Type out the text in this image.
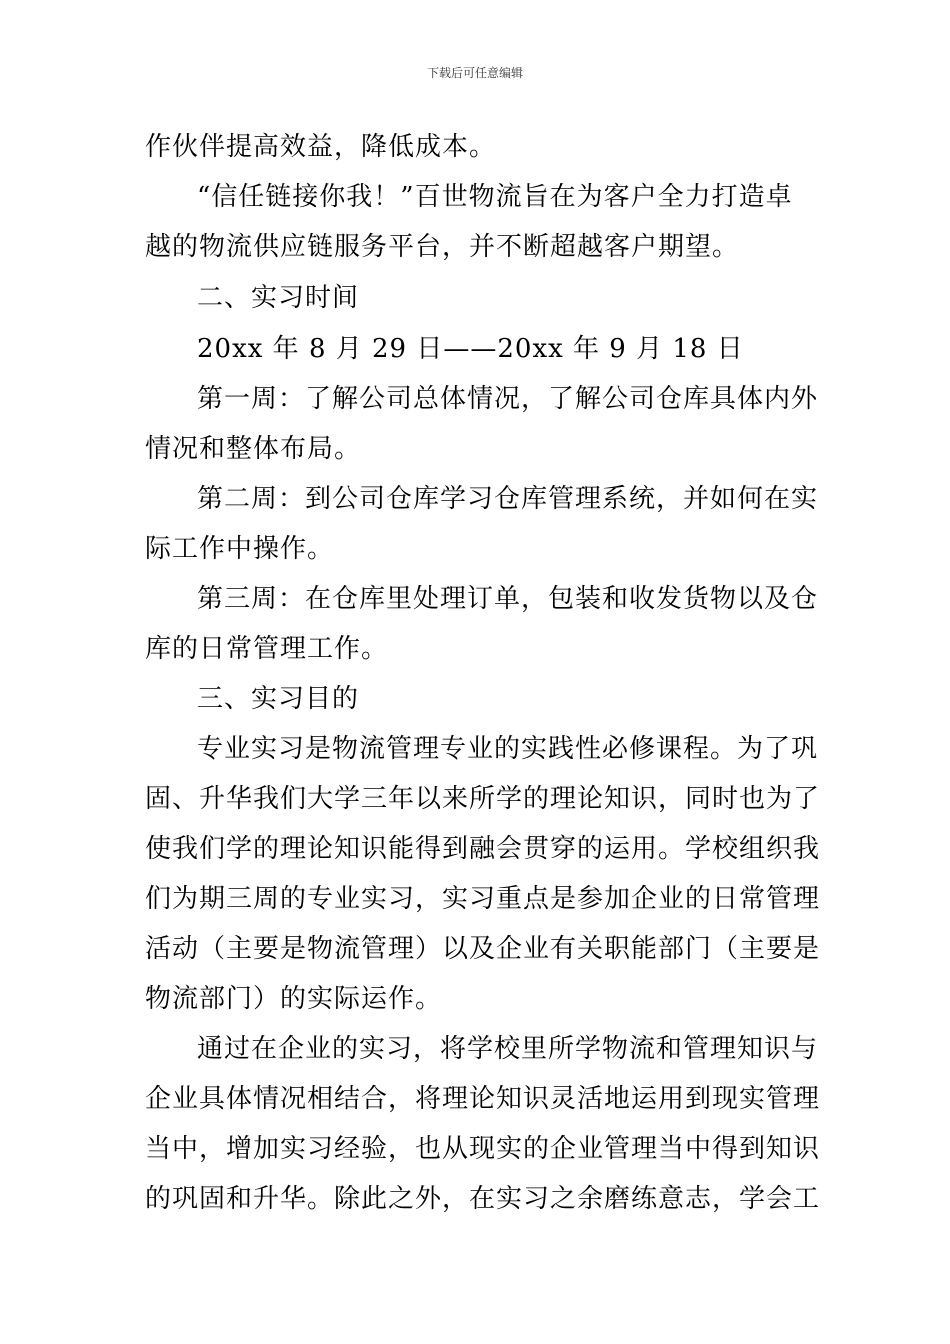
下载后可任意编辑
作伙伴提高效益，降低成本。
“信任链接你我！”百世物流旨在为客户全力打造卓
越的物流供应链服务平台，并不断超越客户期望。
二、实习时间
20xx 年 8 月 29 日——20xx 年 9 月 18 日
第一周：了解公司总体情况，了解公司仓库具体内外
情况和整体布局。
第二周：到公司仓库学习仓库管理系统，并如何在实
际工作中操作。
第三周：在仓库里处理订单，包装和收发货物以及仓
库的日常管理工作。
三、实习目的
专业实习是物流管理专业的实践性必修课程。为了巩
固、升华我们大学三年以来所学的理论知识，同时也为了
使我们学的理论知识能得到融会贯穿的运用。学校组织我
们为期三周的专业实习，实习重点是参加企业的日常管理
活动（主要是物流管理）以及企业有关职能部门（主要是
物流部门）的实际运作。
通过在企业的实习，将学校里所学物流和管理知识与
企业具体情况相结合，将理论知识灵活地运用到现实管理
当中，增加实习经验，也从现实的企业管理当中得到知识
的巩固和升华。除此之外，在实习之余磨练意志，学会工
